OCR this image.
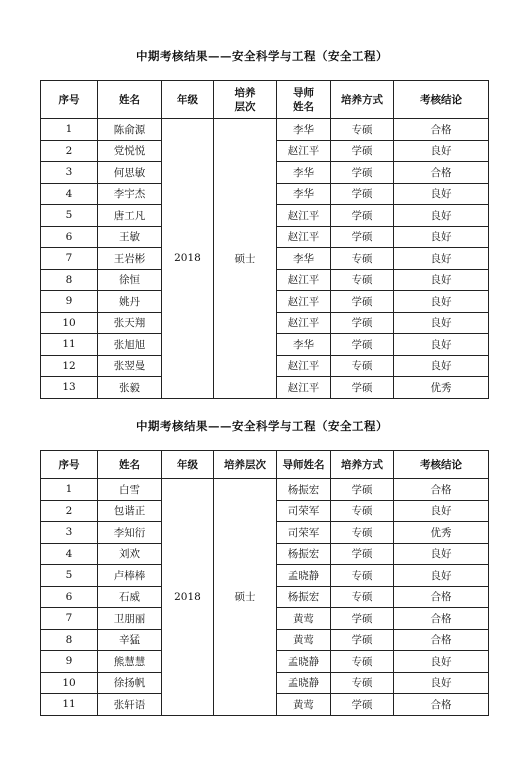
中期考核结果——安全科学与工程（安全工程）
序号	姓名	年级	培养层次	导师姓名	培养方式	考核结论
1	陈俞源	2018	硕士	李华	专硕	合格
2	党悦悦			赵江平	学硕	良好
3	何思敏			李华	学硕	合格
4	李宇杰			李华	学硕	良好
5	唐工凡			赵江平	学硕	良好
6	王敏			赵江平	学硕	良好
7	王岩彬			李华	专硕	良好
8	徐恒			赵江平	专硕	良好
9	姚丹			赵江平	学硕	良好
10	张天翔			赵江平	学硕	良好
11	张旭旭			李华	学硕	良好
12	张翌曼			赵江平	专硕	良好
13	张毅			赵江平	学硕	优秀
中期考核结果——安全科学与工程（安全工程）
序号	姓名	年级	培养层次	导师姓名	培养方式	考核结论
1	白雪	2018	硕士	杨振宏	学硕	合格
2	包谐正			司荣军	专硕	良好
3	李知衍			司荣军	专硕	优秀
4	刘欢			杨振宏	学硕	良好
5	卢棒棒			孟晓静	专硕	良好
6	石威			杨振宏	专硕	合格
7	卫朋丽			黄莺	学硕	合格
8	辛猛			黄莺	学硕	合格
9	熊慧慧			孟晓静	专硕	良好
10	徐扬帆			孟晓静	专硕	良好
11	张轩语			黄莺	学硕	合格
